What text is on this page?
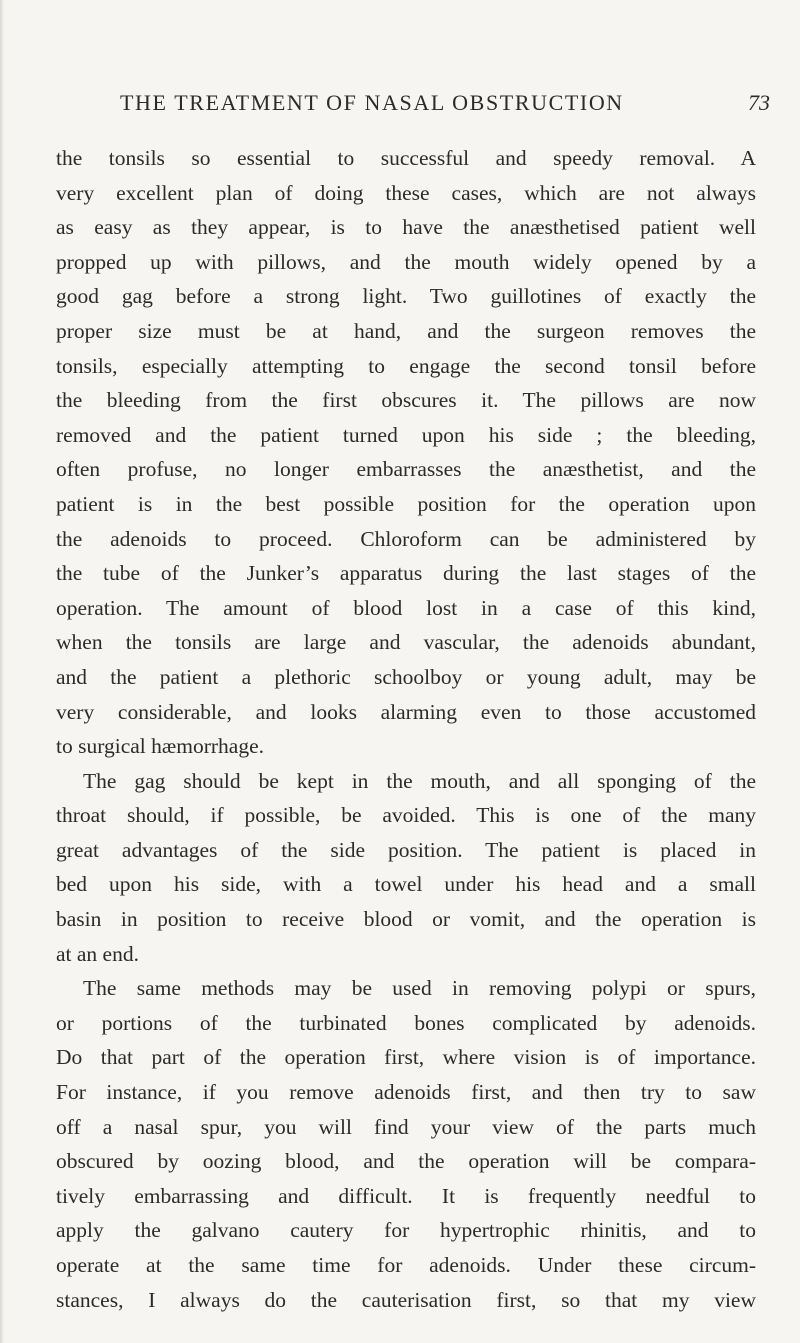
THE TREATMENT OF NASAL OBSTRUCTION	73
the tonsils so essential to successful and speedy removal. A
very excellent plan of doing these cases, which are not always
as easy as they appear, is to have the anæsthetised patient well
propped up with pillows, and the mouth widely opened by a
good gag before a strong light. Two guillotines of exactly the
proper size must be at hand, and the surgeon removes the
tonsils, especially attempting to engage the second tonsil before
the bleeding from the first obscures it. The pillows are now
removed and the patient turned upon his side ; the bleeding,
often profuse, no longer embarrasses the anæsthetist, and the
patient is in the best possible position for the operation upon
the adenoids to proceed. Chloroform can be administered by
the tube of the Junker’s apparatus during the last stages of the
operation. The amount of blood lost in a case of this kind,
when the tonsils are large and vascular, the adenoids abundant,
and the patient a plethoric schoolboy or young adult, may be
very considerable, and looks alarming even to those accustomed
to surgical hæmorrhage.
The gag should be kept in the mouth, and all sponging of the
throat should, if possible, be avoided. This is one of the many
great advantages of the side position. The patient is placed in
bed upon his side, with a towel under his head and a small
basin in position to receive blood or vomit, and the operation is
at an end.
The same methods may be used in removing polypi or spurs,
or portions of the turbinated bones complicated by adenoids.
Do that part of the operation first, where vision is of importance.
For instance, if you remove adenoids first, and then try to saw
off a nasal spur, you will find your view of the parts much
obscured by oozing blood, and the operation will be compara-
tively embarrassing and difficult. It is frequently needful to
apply the galvano cautery for hypertrophic rhinitis, and to
operate at the same time for adenoids. Under these circum-
stances, I always do the cauterisation first, so that my view
